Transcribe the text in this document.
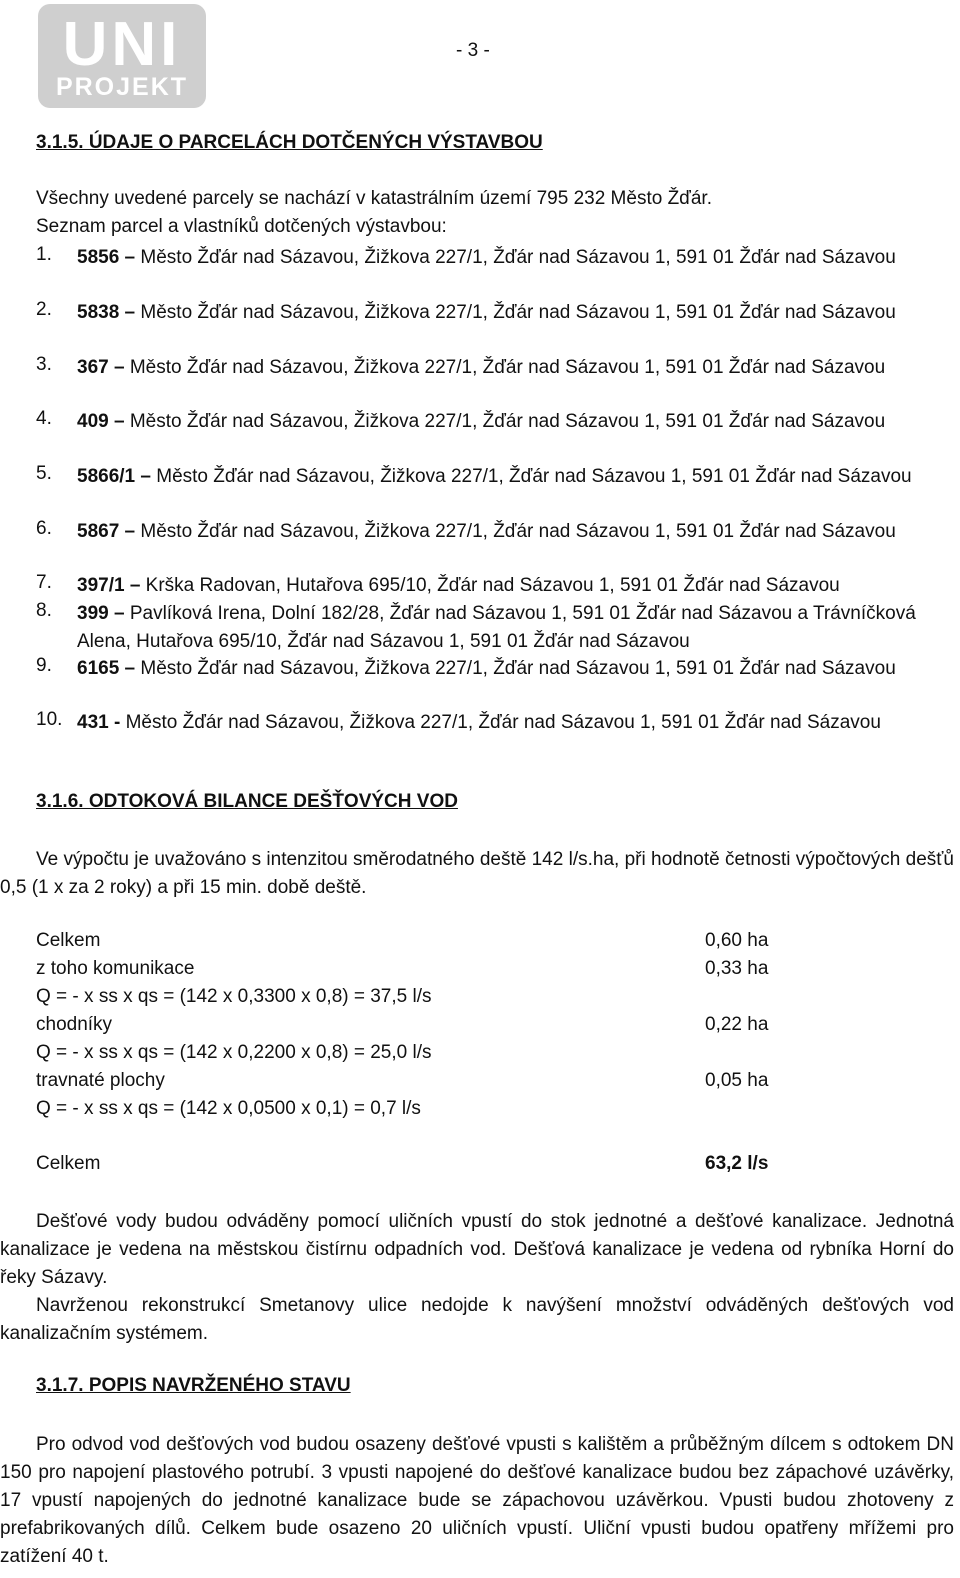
UNI
PROJEKT
- 3 -
3.1.5. ÚDAJE O PARCELÁCH DOTČENÝCH VÝSTAVBOU
Všechny uvedené parcely se nachází v katastrálním území 795 232 Město Žďár.
Seznam parcel a vlastníků dotčených výstavbou:
1. 5856 – Město Žďár nad Sázavou, Žižkova 227/1, Žďár nad Sázavou 1, 591 01 Žďár nad Sázavou
2. 5838 – Město Žďár nad Sázavou, Žižkova 227/1, Žďár nad Sázavou 1, 591 01 Žďár nad Sázavou
3. 367 – Město Žďár nad Sázavou, Žižkova 227/1, Žďár nad Sázavou 1, 591 01 Žďár nad Sázavou
4. 409 – Město Žďár nad Sázavou, Žižkova 227/1, Žďár nad Sázavou 1, 591 01 Žďár nad Sázavou
5. 5866/1 – Město Žďár nad Sázavou, Žižkova 227/1, Žďár nad Sázavou 1, 591 01 Žďár nad Sázavou
6. 5867 – Město Žďár nad Sázavou, Žižkova 227/1, Žďár nad Sázavou 1, 591 01 Žďár nad Sázavou
7. 397/1 – Krška Radovan, Hutařova 695/10, Žďár nad Sázavou 1, 591 01 Žďár nad Sázavou
8. 399 – Pavlíková Irena, Dolní 182/28, Žďár nad Sázavou 1, 591 01 Žďár nad Sázavou a Trávníčková Alena, Hutařova 695/10, Žďár nad Sázavou 1, 591 01 Žďár nad Sázavou
9. 6165 – Město Žďár nad Sázavou, Žižkova 227/1, Žďár nad Sázavou 1, 591 01 Žďár nad Sázavou
10. 431 - Město Žďár nad Sázavou, Žižkova 227/1, Žďár nad Sázavou 1, 591 01 Žďár nad Sázavou
3.1.6. ODTOKOVÁ BILANCE DEŠŤOVÝCH VOD
Ve výpočtu je uvažováno s intenzitou směrodatného deště 142 l/s.ha, při hodnotě četnosti výpočtových dešťů 0,5 (1 x za 2 roky) a při 15 min. době deště.
Celkem	0,60 ha
z toho komunikace	0,33 ha
Q = - x ss x qs = (142 x 0,3300 x 0,8) = 37,5 l/s
chodníky	0,22 ha
Q = - x ss x qs = (142 x 0,2200 x 0,8) = 25,0 l/s
travnaté plochy	0,05 ha
Q = - x ss x qs = (142 x 0,0500 x 0,1) = 0,7 l/s
Celkem	63,2 l/s
Dešťové vody budou odváděny pomocí uličních vpustí do stok jednotné a dešťové kanalizace. Jednotná kanalizace je vedena na městskou čistírnu odpadních vod. Dešťová kanalizace je vedena od rybníka Horní do řeky Sázavy.
Navrženou rekonstrukcí Smetanovy ulice nedojde k navýšení množství odváděných dešťových vod kanalizačním systémem.
3.1.7. POPIS NAVRŽENÉHO STAVU
Pro odvod vod dešťových vod budou osazeny dešťové vpusti s kalištěm a průběžným dílcem s odtokem DN 150 pro napojení plastového potrubí. 3 vpusti napojené do dešťové kanalizace budou bez zápachové uzávěrky, 17 vpustí napojených do jednotné kanalizace bude se zápachovou uzávěrkou. Vpusti budou zhotoveny z prefabrikovaných dílů. Celkem bude osazeno 20 uličních vpustí. Uliční vpusti budou opatřeny mřížemi pro zatížení 40 t.
